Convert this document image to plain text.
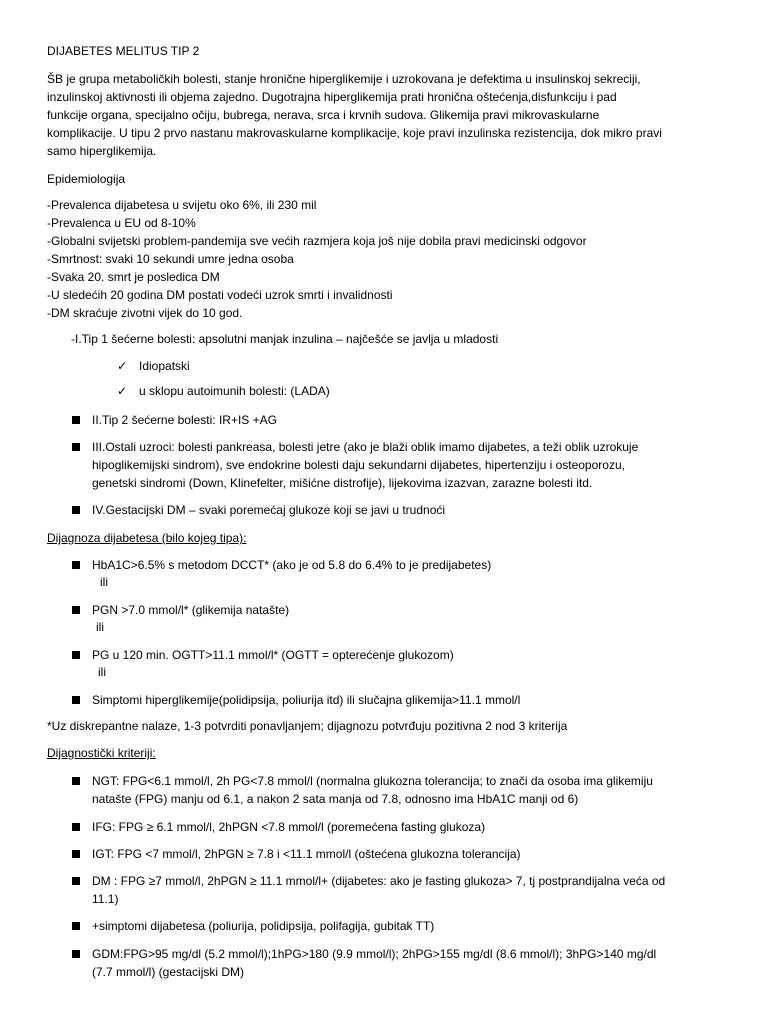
DIJABETES MELITUS TIP 2
ŠB je grupa metaboličkih bolesti, stanje hronične hiperglikemije i uzrokovana je defektima u insulinskoj sekreciji,
inzulinskoj aktivnosti ili objema zajedno. Dugotrajna hiperglikemija prati hronična oštećenja,disfunkciju i pad
funkcije organa, specijalno očiju, bubrega, nerava, srca i krvnih sudova. Glikemija pravi mikrovaskularne
komplikacije. U tipu 2 prvo nastanu makrovaskularne komplikacije, koje pravi inzulinska rezistencija, dok mikro pravi
samo hiperglikemija.
Epidemiologija
-Prevalenca dijabetesa u svijetu oko 6%, ili 230 mil
-Prevalenca u EU od 8-10%
-Globalni svijetski problem-pandemija sve većih razmjera koja još nije dobila pravi medicinski odgovor
-Smrtnost: svaki 10 sekundi umre jedna osoba
-Svaka 20. smrt je posledica DM
-U sledećih 20 godina DM postati vodeći uzrok smrti i invalidnosti
-DM skraćuje zivotni vijek do 10 god.
-I.Tip 1 šećerne bolesti: apsolutni manjak inzulina – najčešće se javlja u mladosti
✓ Idiopatski
✓ u sklopu autoimunih bolesti: (LADA)
II.Tip 2 šećerne bolesti: IR+IS +AG
III.Ostali uzroci: bolesti pankreasa, bolesti jetre (ako je blaži oblik imamo dijabetes, a teži oblik uzrokuje
hipoglikemijski sindrom), sve endokrine bolesti daju sekundarni dijabetes, hipertenziju i osteoporozu,
genetski sindromi (Down, Klinefelter, mišićne distrofije), lijekovima izazvan, zarazne bolesti itd.
IV.Gestacijski DM – svaki poremećaj glukoze koji se javi u trudnoći
Dijagnoza dijabetesa (bilo kojeg tipa):
HbA1C>6.5% s metodom DCCT* (ako je od 5.8 do 6.4% to je predijabetes)
ili
PGN >7.0 mmol/l* (glikemija natašte)
ili
PG u 120 min. OGTT>11.1 mmol/l* (OGTT = opterećenje glukozom)
ili
Simptomi hiperglikemije(polidipsija, poliurija itd) ili slučajna glikemija>11.1 mmol/l
*Uz diskrepantne nalaze, 1-3 potvrditi ponavljanjem; dijagnozu potvrđuju pozitivna 2 nod 3 kriterija
Dijagnostički kriteriji:
NGT: FPG<6.1 mmol/l, 2h PG<7.8 mmol/l (normalna glukozna tolerancija; to znači da osoba ima glikemiju
natašte (FPG) manju od 6.1, a nakon 2 sata manja od 7.8, odnosno ima HbA1C manji od 6)
IFG: FPG ≥ 6.1 mmol/l, 2hPGN <7.8 mmol/l (poremećena fasting glukoza)
IGT: FPG <7 mmol/l, 2hPGN ≥ 7.8 i <11.1 mmol/l (oštećena glukozna tolerancija)
DM : FPG ≥7 mmol/l, 2hPGN ≥ 11.1 mmol/l+ (dijabetes: ako je fasting glukoza> 7, tj postprandijalna veća od
11.1)
+simptomi dijabetesa (poliurija, polidipsija, polifagija, gubitak TT)
GDM:FPG>95 mg/dl (5.2 mmol/l);1hPG>180 (9.9 mmol/l); 2hPG>155 mg/dl (8.6 mmol/l); 3hPG>140 mg/dl
(7.7 mmol/l) (gestacijski DM)
